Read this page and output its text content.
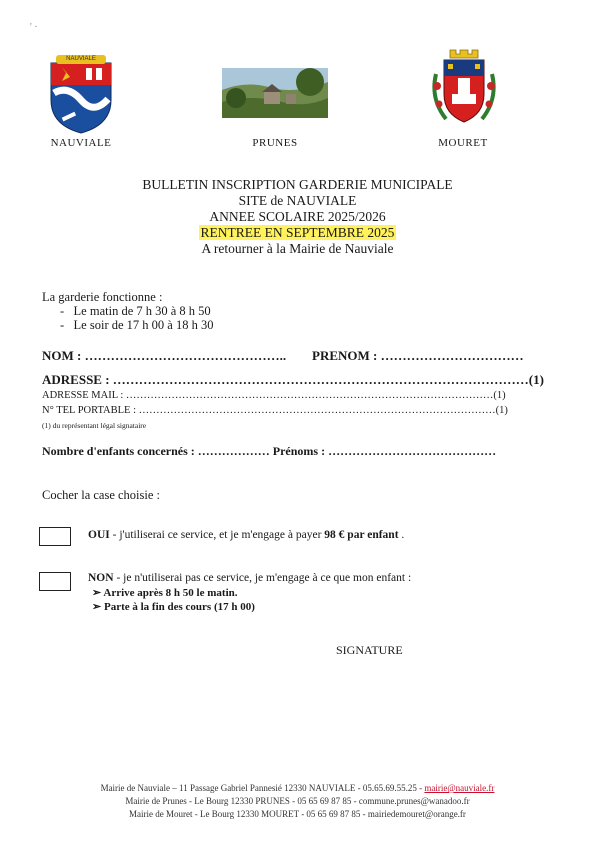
' ·
NAUVIALE
NAUVIALE	PRUNES	MOURET
BULLETIN INSCRIPTION GARDERIE MUNICIPALE
SITE de NAUVIALE
ANNEE SCOLAIRE 2025/2026
RENTREE EN SEPTEMBRE 2025
A retourner à la Mairie de Nauviale
La garderie fonctionne :
-   Le matin de 7 h 30 à 8 h 50
-   Le soir de 17 h 00 à 18 h 30
NOM : ……………………………………….. PRENOM : ……………………………
ADRESSE : ……………………………………………………………………………………(1)
ADRESSE MAIL : ……………………………………………………………………………………………(1)
N° TEL PORTABLE : …………………………………………………………………………………………(1)
(1) du représentant légal signataire
Nombre d'enfants concernés : ……………… Prénoms : ……………………………………
Cocher la case choisie :
OUI - j'utiliserai ce service, et je m'engage à payer 98 € par enfant .
NON - je n'utiliserai pas ce service, je m'engage à ce que mon enfant :
➢ Arrive après 8 h 50 le matin.
➢ Parte à la fin des cours (17 h 00)
SIGNATURE
Mairie de Nauviale – 11 Passage Gabriel Pannesié 12330 NAUVIALE - 05.65.69.55.25 - mairie@nauviale.fr
Mairie de Prunes - Le Bourg 12330 PRUNES - 05 65 69 87 85 - commune.prunes@wanadoo.fr
Mairie de Mouret - Le Bourg 12330 MOURET - 05 65 69 87 85 - mairiedemouret@orange.fr
